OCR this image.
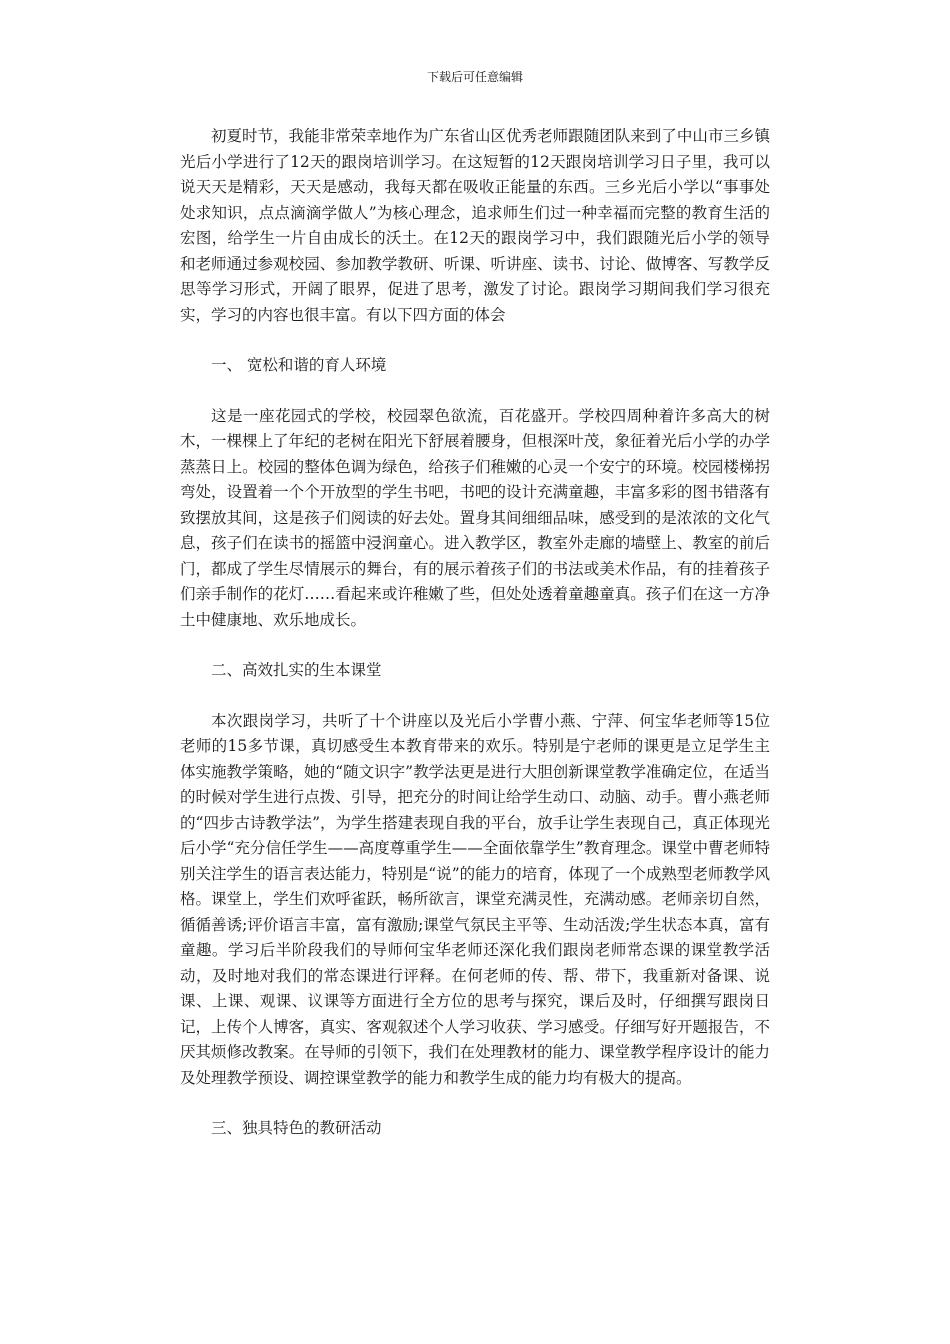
下载后可任意编辑

初夏时节，我能非常荣幸地作为广东省山区优秀老师跟随团队来到了中山市三乡镇光后小学进行了12天的跟岗培训学习。在这短暂的12天跟岗培训学习日子里，我可以说天天是精彩，天天是感动，我每天都在吸收正能量的东西。三乡光后小学以“事事处处求知识，点点滴滴学做人”为核心理念，追求师生们过一种幸福而完整的教育生活的宏图，给学生一片自由成长的沃土。在12天的跟岗学习中，我们跟随光后小学的领导和老师通过参观校园、参加教学教研、听课、听讲座、读书、讨论、做博客、写教学反思等学习形式，开阔了眼界，促进了思考，激发了讨论。跟岗学习期间我们学习很充实，学习的内容也很丰富。有以下四方面的体会

一、 宽松和谐的育人环境

这是一座花园式的学校，校园翠色欲流，百花盛开。学校四周种着许多高大的树木，一棵棵上了年纪的老树在阳光下舒展着腰身，但根深叶茂，象征着光后小学的办学蒸蒸日上。校园的整体色调为绿色，给孩子们稚嫩的心灵一个安宁的环境。校园楼梯拐弯处，设置着一个个开放型的学生书吧，书吧的设计充满童趣，丰富多彩的图书错落有致摆放其间，这是孩子们阅读的好去处。置身其间细细品味，感受到的是浓浓的文化气息，孩子们在读书的摇篮中浸润童心。进入教学区，教室外走廊的墙壁上、教室的前后门，都成了学生尽情展示的舞台，有的展示着孩子们的书法或美术作品，有的挂着孩子们亲手制作的花灯……看起来或许稚嫩了些，但处处透着童趣童真。孩子们在这一方净土中健康地、欢乐地成长。

二、高效扎实的生本课堂

本次跟岗学习，共听了十个讲座以及光后小学曹小燕、宁萍、何宝华老师等15位老师的15多节课，真切感受生本教育带来的欢乐。特别是宁老师的课更是立足学生主体实施教学策略，她的“随文识字”教学法更是进行大胆创新课堂教学准确定位，在适当的时候对学生进行点拨、引导，把充分的时间让给学生动口、动脑、动手。曹小燕老师的“四步古诗教学法”，为学生搭建表现自我的平台，放手让学生表现自己，真正体现光后小学“充分信任学生——高度尊重学生——全面依靠学生”教育理念。课堂中曹老师特别关注学生的语言表达能力，特别是“说”的能力的培育，体现了一个成熟型老师教学风格。课堂上，学生们欢呼雀跃，畅所欲言，课堂充满灵性，充满动感。老师亲切自然，循循善诱;评价语言丰富，富有激励;课堂气氛民主平等、生动活泼;学生状态本真，富有童趣。学习后半阶段我们的导师何宝华老师还深化我们跟岗老师常态课的课堂教学活动，及时地对我们的常态课进行评释。在何老师的传、帮、带下，我重新对备课、说课、上课、观课、议课等方面进行全方位的思考与探究，课后及时，仔细撰写跟岗日记，上传个人博客，真实、客观叙述个人学习收获、学习感受。仔细写好开题报告，不厌其烦修改教案。在导师的引领下，我们在处理教材的能力、课堂教学程序设计的能力及处理教学预设、调控课堂教学的能力和教学生成的能力均有极大的提高。

三、独具特色的教研活动
